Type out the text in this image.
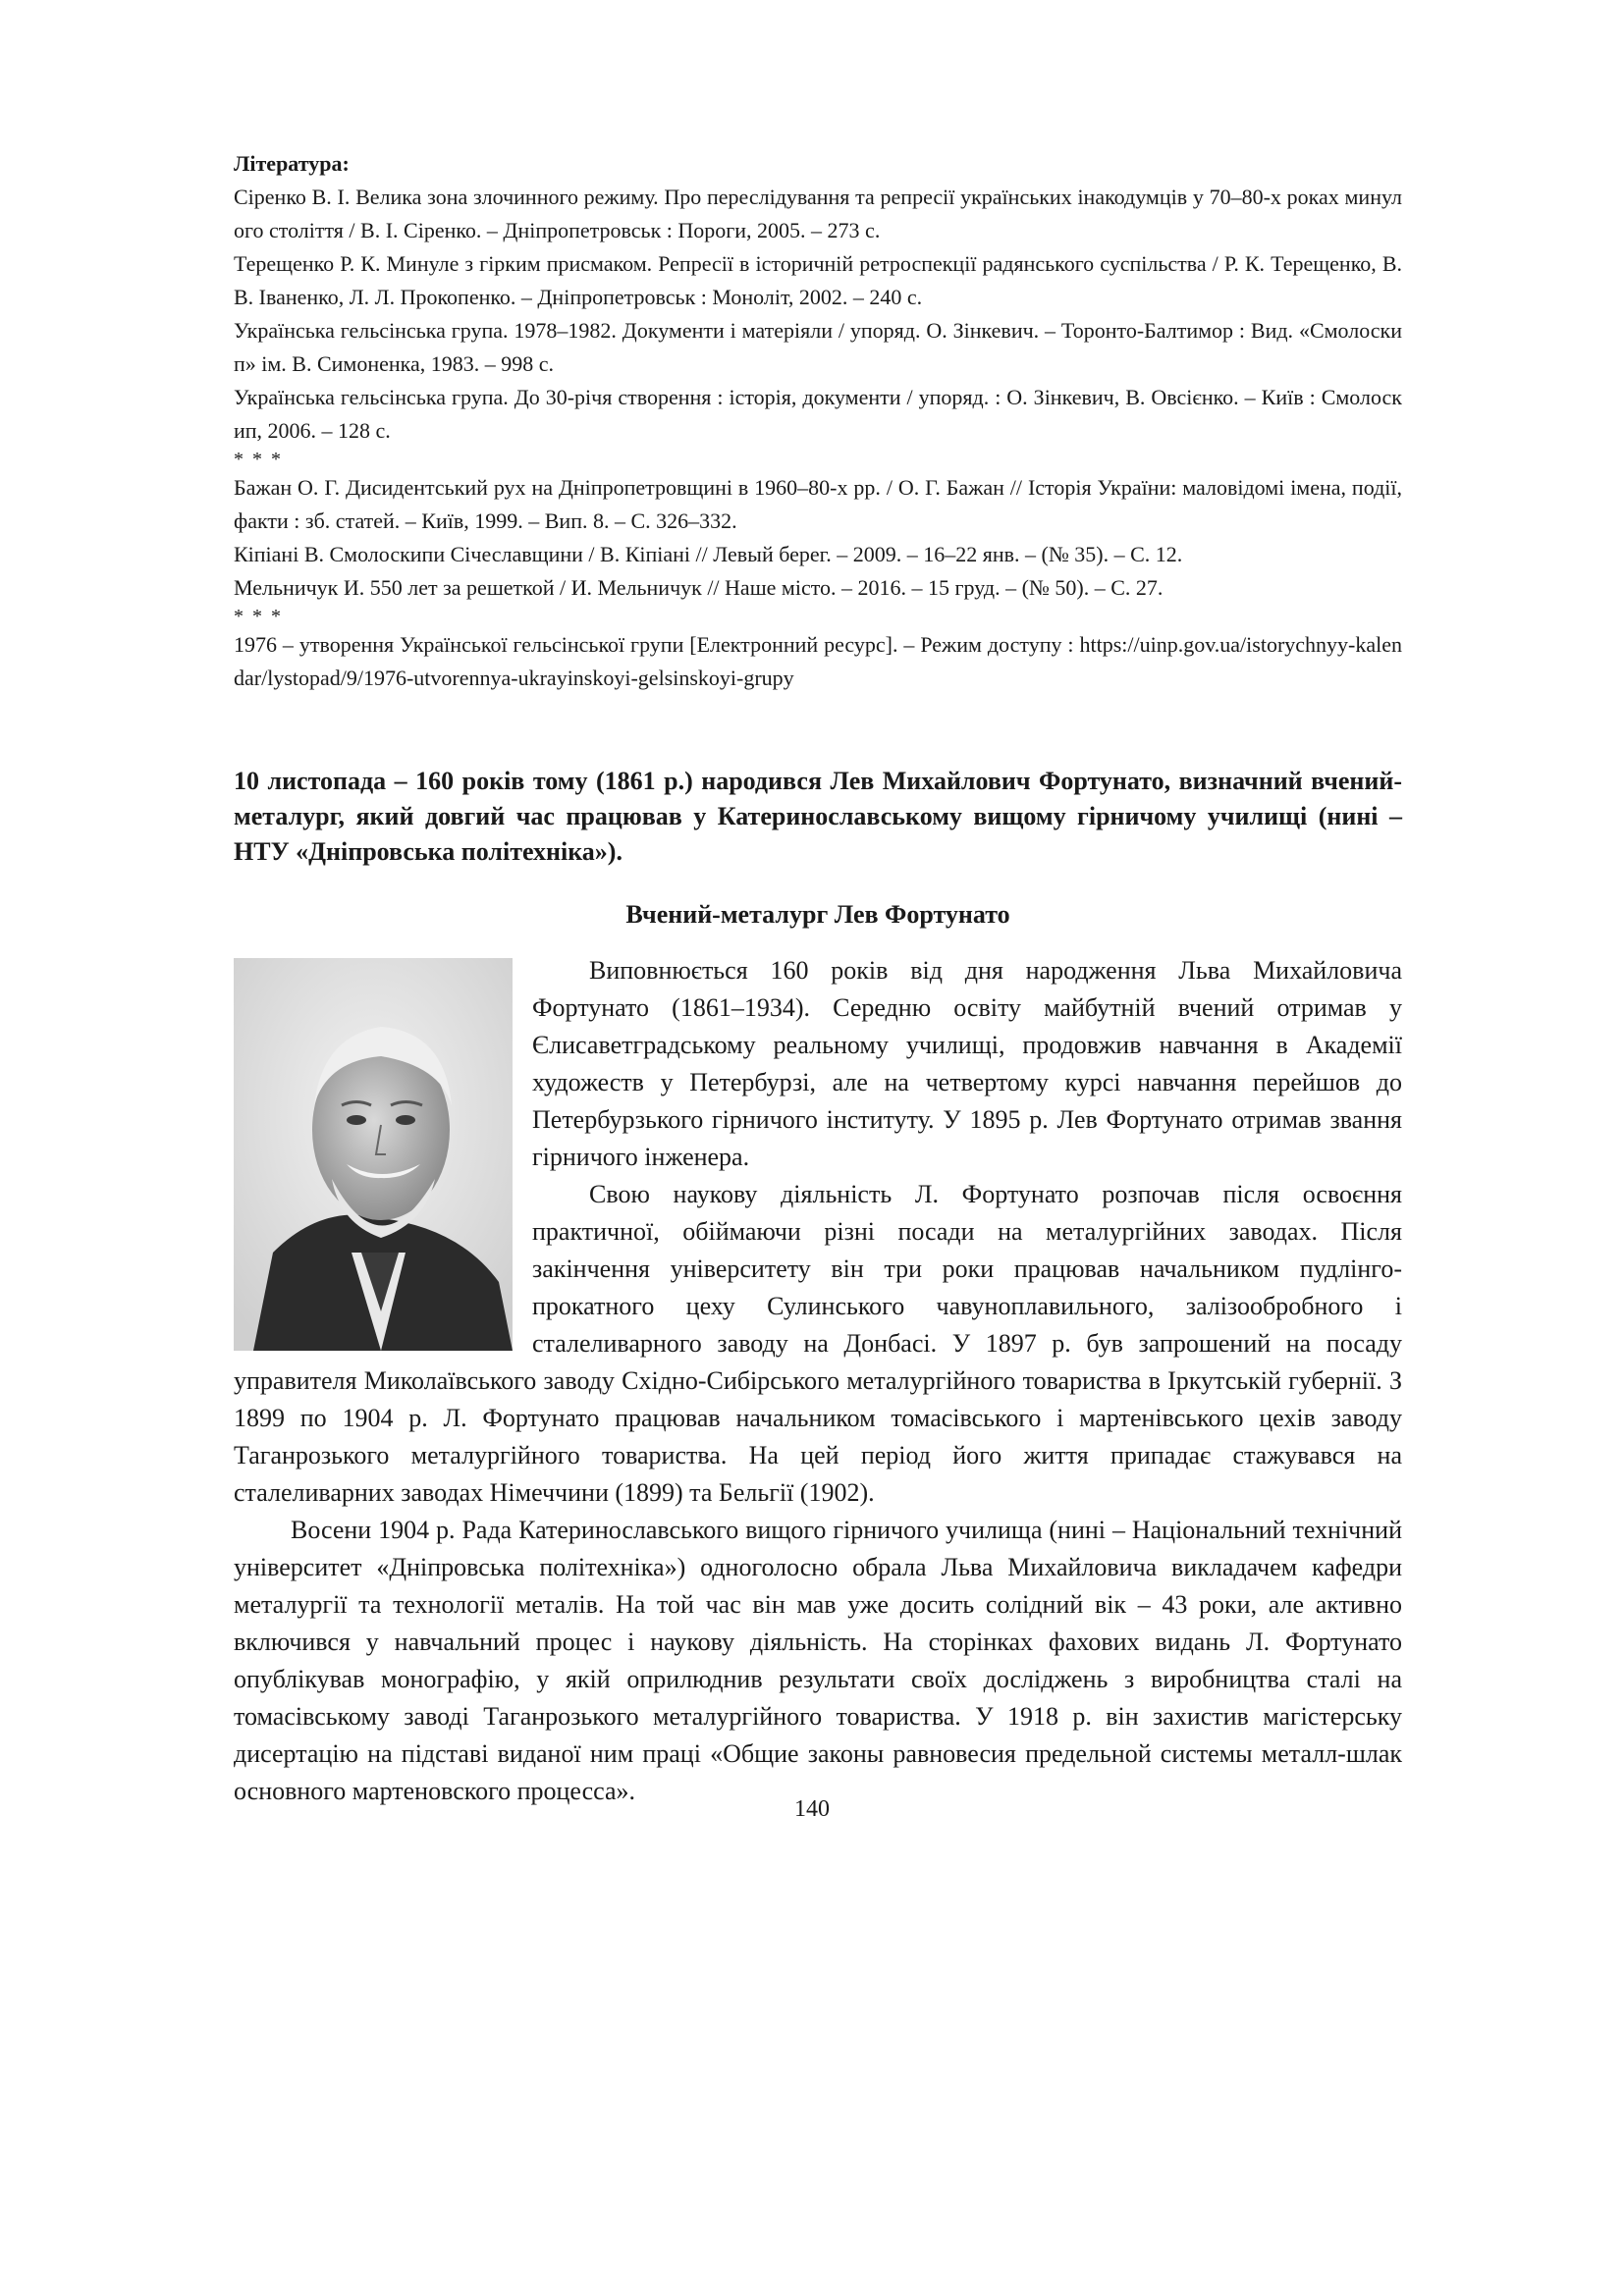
Література:
Сіренко В. І. Велика зона злочинного режиму. Про переслідування та репресії українських інакодумців у 70–80-х роках минулого століття / В. І. Сіренко. – Дніпропетровськ : Пороги, 2005. – 273 с.
Терещенко Р. К. Минуле з гірким присмаком. Репресії в історичній ретроспекції радянського суспільства / Р. К. Терещенко, В. В. Іваненко, Л. Л. Прокопенко. – Дніпропетровськ : Моноліт, 2002. – 240 с.
Українська гельсінська група. 1978–1982. Документи і матеріяли / упоряд. О. Зінкевич. – Торонто-Балтимор : Вид. «Смолоскип» ім. В. Симоненка, 1983. – 998 с.
Українська гельсінська група. До 30-річя створення : історія, документи / упоряд. : О. Зінкевич, В. Овсієнко. – Київ : Смолоскип, 2006. – 128 с.
* * *
Бажан О. Г. Дисидентський рух на Дніпропетровщині в 1960–80-х рр. / О. Г. Бажан // Історія України: маловідомі імена, події, факти : зб. статей. – Київ, 1999. – Вип. 8. – С. 326–332.
Кіпіані В. Смолоскипи Січеславщини / В. Кіпіані // Левый берег. – 2009. – 16–22 янв. – (№ 35). – С. 12.
Мельничук И. 550 лет за решеткой / И. Мельничук // Наше місто. – 2016. – 15 груд. – (№ 50). – С. 27.
* * *
1976 – утворення Української гельсінської групи [Електронний ресурс]. – Режим доступу : https://uinp.gov.ua/istorychnyy-kalendar/lystopad/9/1976-utvorennya-ukrayinskoyi-gelsinskoyi-grupy
10 листопада – 160 років тому (1861 р.) народився Лев Михайлович Фортунато, визначний вчений-металург, який довгий час працював у Катеринославському вищому гірничому училищі (нині – НТУ «Дніпровська політехніка»).
Вчений-металург Лев Фортунато

Виповнюється 160 років від дня народження Льва Михайловича Фортунато (1861–1934). Середню освіту майбутній вчений отримав у Єлисаветградському реальному училищі, продовжив навчання в Академії художеств у Петербурзі, але на четвертому курсі навчання перейшов до Петербурзького гірничого інституту. У 1895 р. Лев Фортунато отримав звання гірничого інженера.

Свою наукову діяльність Л. Фортунато розпочав після освоєння практичної, обіймаючи різні посади на металургійних заводах. Після закінчення університету він три роки працював начальником пудлінго-прокатного цеху Сулинського чавуноплавильного, залізообробного і сталеливарного заводу на Донбасі. У 1897 р. був запрошений на посаду управителя Миколаївського заводу Східно-Сибірського металургійного товариства в Іркутській губернії. З 1899 по 1904 р. Л. Фортунато працював начальником томасівського і мартенівського цехів заводу Таганрозького металургійного товариства. На цей період його життя припадає стажувався на сталеливарних заводах Німеччини (1899) та Бельгії (1902).

Восени 1904 р. Рада Катеринославського вищого гірничого училища (нині – Національний технічний університет «Дніпровська політехніка») одноголосно обрала Льва Михайловича викладачем кафедри металургії та технології металів. На той час він мав уже досить солідний вік – 43 роки, але активно включився у навчальний процес і наукову діяльність. На сторінках фахових видань Л. Фортунато опублікував монографію, у якій оприлюднив результати своїх досліджень з виробництва сталі на томасівському заводі Таганрозького металургійного товариства. У 1918 р. він захистив магістерську дисертацію на підставі виданої ним праці «Общие законы равновесия предельной системы металл-шлак основного мартеновского процесса».

140
